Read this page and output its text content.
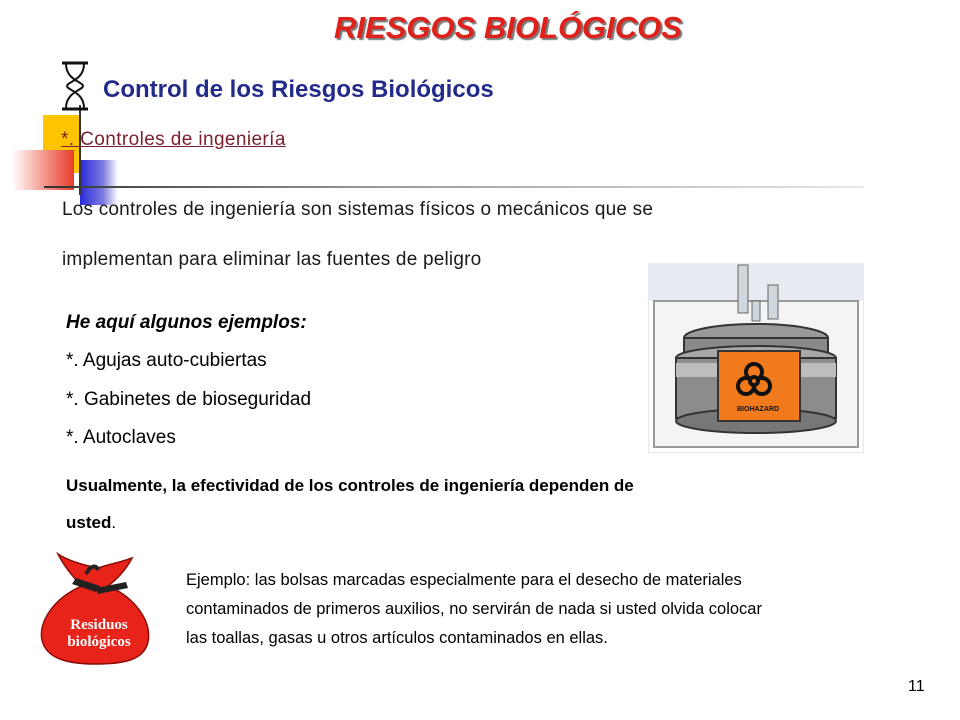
RIESGOS BIOLÓGICOS
Control de los Riesgos Biológicos
*. Controles de ingeniería
Los controles de ingeniería son sistemas físicos o mecánicos que se
implementan para eliminar las fuentes de peligro
He aquí algunos ejemplos:
*. Agujas auto-cubiertas
*. Gabinetes de bioseguridad
*. Autoclaves
Usualmente, la efectividad de los controles de ingeniería dependen de
usted.
BIOHAZARD
Residuos
biológicos
Ejemplo: las bolsas marcadas especialmente para el desecho de materiales
contaminados de primeros auxilios, no servirán de nada si usted olvida colocar
las toallas, gasas u otros artículos contaminados en ellas.
11
